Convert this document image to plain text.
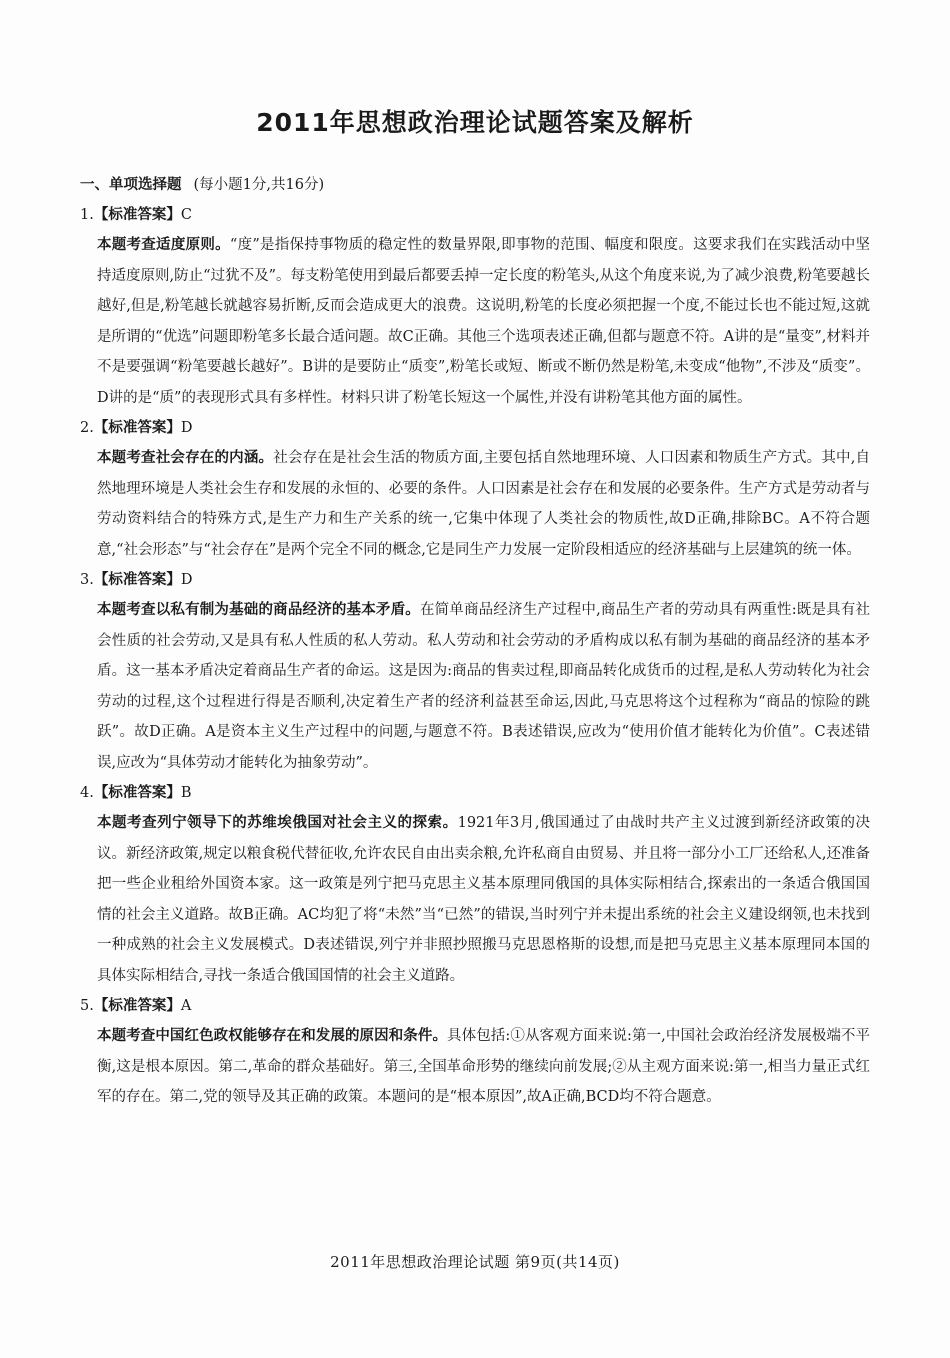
2011年思想政治理论试题答案及解析
一、单项选择题 (每小题1分,共16分)
1.【标准答案】C
本题考查适度原则。“度”是指保持事物质的稳定性的数量界限,即事物的范围、幅度和限度。这要求我们在实践活动中坚持适度原则,防止“过犹不及”。每支粉笔使用到最后都要丢掉一定长度的粉笔头,从这个角度来说,为了减少浪费,粉笔要越长越好,但是,粉笔越长就越容易折断,反而会造成更大的浪费。这说明,粉笔的长度必须把握一个度,不能过长也不能过短,这就是所谓的“优选”问题即粉笔多长最合适问题。故C正确。其他三个选项表述正确,但都与题意不符。A讲的是“量变”,材料并不是要强调“粉笔要越长越好”。B讲的是要防止“质变”,粉笔长或短、断或不断仍然是粉笔,未变成“他物”,不涉及“质变”。D讲的是“质”的表现形式具有多样性。材料只讲了粉笔长短这一个属性,并没有讲粉笔其他方面的属性。
2.【标准答案】D
本题考查社会存在的内涵。社会存在是社会生活的物质方面,主要包括自然地理环境、人口因素和物质生产方式。其中,自然地理环境是人类社会生存和发展的永恒的、必要的条件。人口因素是社会存在和发展的必要条件。生产方式是劳动者与劳动资料结合的特殊方式,是生产力和生产关系的统一,它集中体现了人类社会的物质性,故D正确,排除BC。A不符合题意,“社会形态”与“社会存在”是两个完全不同的概念,它是同生产力发展一定阶段相适应的经济基础与上层建筑的统一体。
3.【标准答案】D
本题考查以私有制为基础的商品经济的基本矛盾。在简单商品经济生产过程中,商品生产者的劳动具有两重性:既是具有社会性质的社会劳动,又是具有私人性质的私人劳动。私人劳动和社会劳动的矛盾构成以私有制为基础的商品经济的基本矛盾。这一基本矛盾决定着商品生产者的命运。这是因为:商品的售卖过程,即商品转化成货币的过程,是私人劳动转化为社会劳动的过程,这个过程进行得是否顺利,决定着生产者的经济利益甚至命运,因此,马克思将这个过程称为“商品的惊险的跳跃”。故D正确。A是资本主义生产过程中的问题,与题意不符。B表述错误,应改为“使用价值才能转化为价值”。C表述错误,应改为“具体劳动才能转化为抽象劳动”。
4.【标准答案】B
本题考查列宁领导下的苏维埃俄国对社会主义的探索。1921年3月,俄国通过了由战时共产主义过渡到新经济政策的决议。新经济政策,规定以粮食税代替征收,允许农民自由出卖余粮,允许私商自由贸易、并且将一部分小工厂还给私人,还准备把一些企业租给外国资本家。这一政策是列宁把马克思主义基本原理同俄国的具体实际相结合,探索出的一条适合俄国国情的社会主义道路。故B正确。AC均犯了将“未然”当“已然”的错误,当时列宁并未提出系统的社会主义建设纲领,也未找到一种成熟的社会主义发展模式。D表述错误,列宁并非照抄照搬马克思恩格斯的设想,而是把马克思主义基本原理同本国的具体实际相结合,寻找一条适合俄国国情的社会主义道路。
5.【标准答案】A
本题考查中国红色政权能够存在和发展的原因和条件。具体包括:①从客观方面来说:第一,中国社会政治经济发展极端不平衡,这是根本原因。第二,革命的群众基础好。第三,全国革命形势的继续向前发展;②从主观方面来说:第一,相当力量正式红军的存在。第二,党的领导及其正确的政策。本题问的是“根本原因”,故A正确,BCD均不符合题意。
2011年思想政治理论试题 第9页(共14页)
